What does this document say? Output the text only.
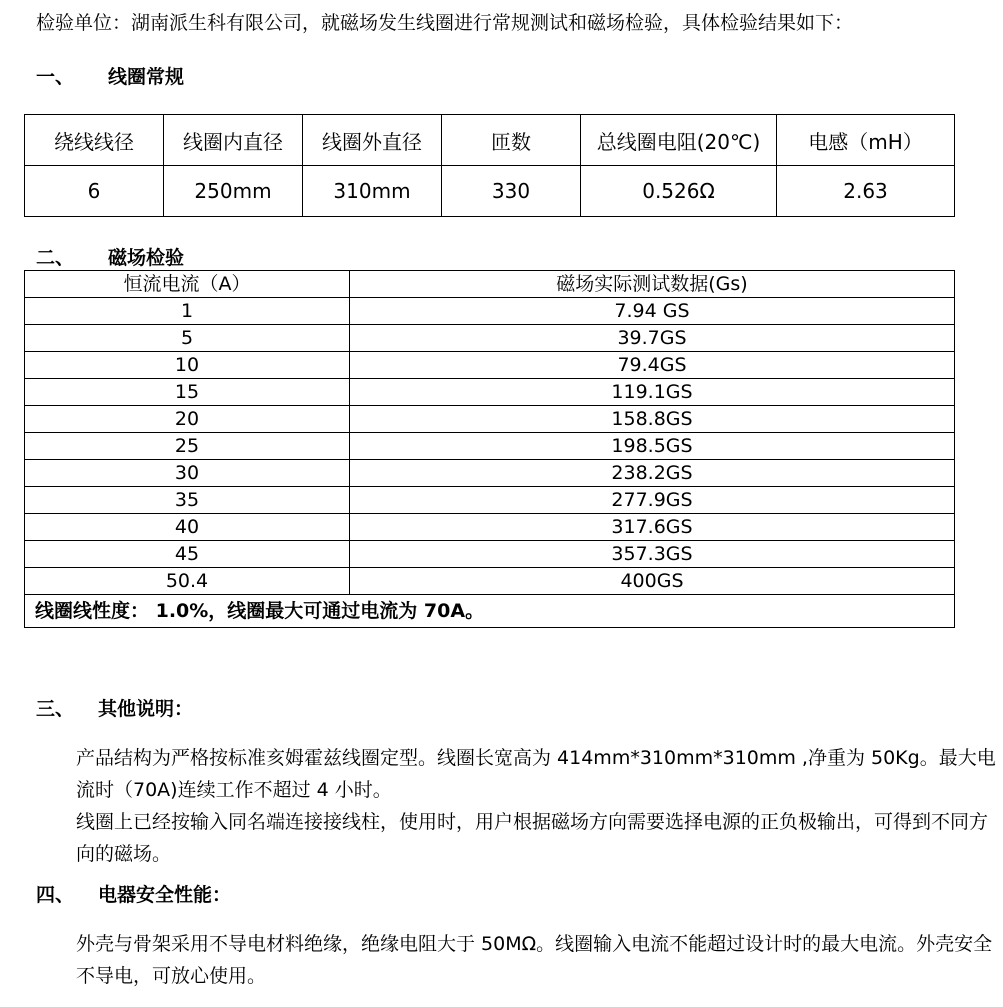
检验单位：湖南派生科有限公司，就磁场发生线圈进行常规测试和磁场检验，具体检验结果如下：
一、 线圈常规
绕线线径	线圈内直径	线圈外直径	匝数	总线圈电阻(20℃)	电感（mH）
6	250mm	310mm	330	0.526Ω	2.63
二、 磁场检验
恒流电流（A）	磁场实际测试数据(Gs)
1	7.94 GS
5	39.7GS
10	79.4GS
15	119.1GS
20	158.8GS
25	198.5GS
30	238.2GS
35	277.9GS
40	317.6GS
45	357.3GS
50.4	400GS
线圈线性度： 1.0%，线圈最大可通过电流为 70A。	
三、 其他说明：

产品结构为严格按标准亥姆霍兹线圈定型。线圈长宽高为 414mm*310mm*310mm ,净重为 50Kg。最大电流时（70A)连续工作不超过 4 小时。

线圈上已经按输入同名端连接接线柱，使用时，用户根据磁场方向需要选择电源的正负极输出，可得到不同方向的磁场。

四、 电器安全性能：

外壳与骨架采用不导电材料绝缘，绝缘电阻大于 50MΩ。线圈输入电流不能超过设计时的最大电流。外壳安全不导电，可放心使用。
